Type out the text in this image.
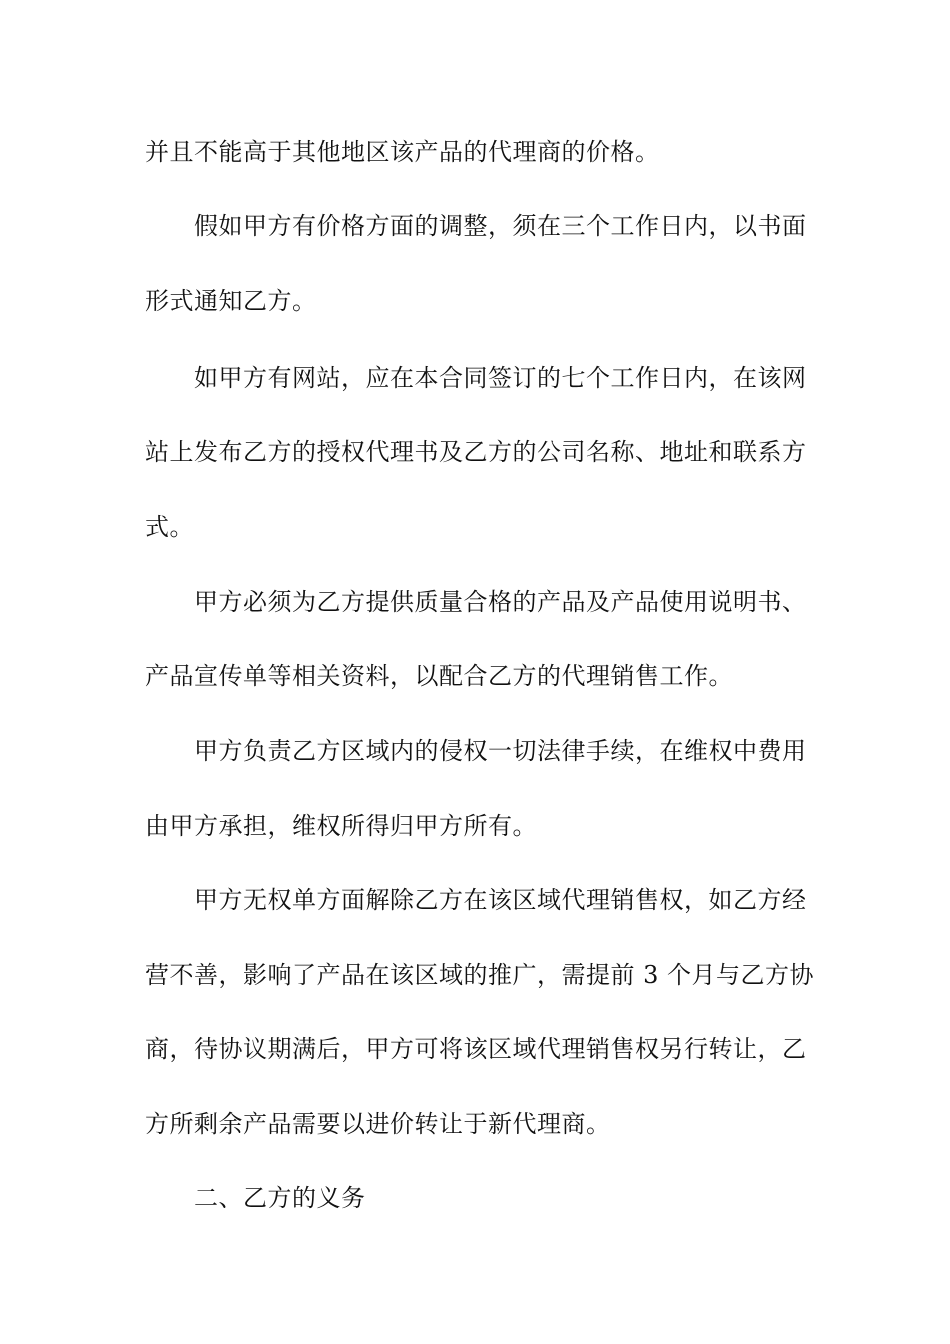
并且不能高于其他地区该产品的代理商的价格。
假如甲方有价格方面的调整，须在三个工作日内，以书面
形式通知乙方。
如甲方有网站，应在本合同签订的七个工作日内，在该网
站上发布乙方的授权代理书及乙方的公司名称、地址和联系方
式。
甲方必须为乙方提供质量合格的产品及产品使用说明书、
产品宣传单等相关资料，以配合乙方的代理销售工作。
甲方负责乙方区域内的侵权一切法律手续，在维权中费用
由甲方承担，维权所得归甲方所有。
甲方无权单方面解除乙方在该区域代理销售权，如乙方经
营不善，影响了产品在该区域的推广，需提前 3 个月与乙方协
商，待协议期满后，甲方可将该区域代理销售权另行转让，乙
方所剩余产品需要以进价转让于新代理商。
二、乙方的义务
